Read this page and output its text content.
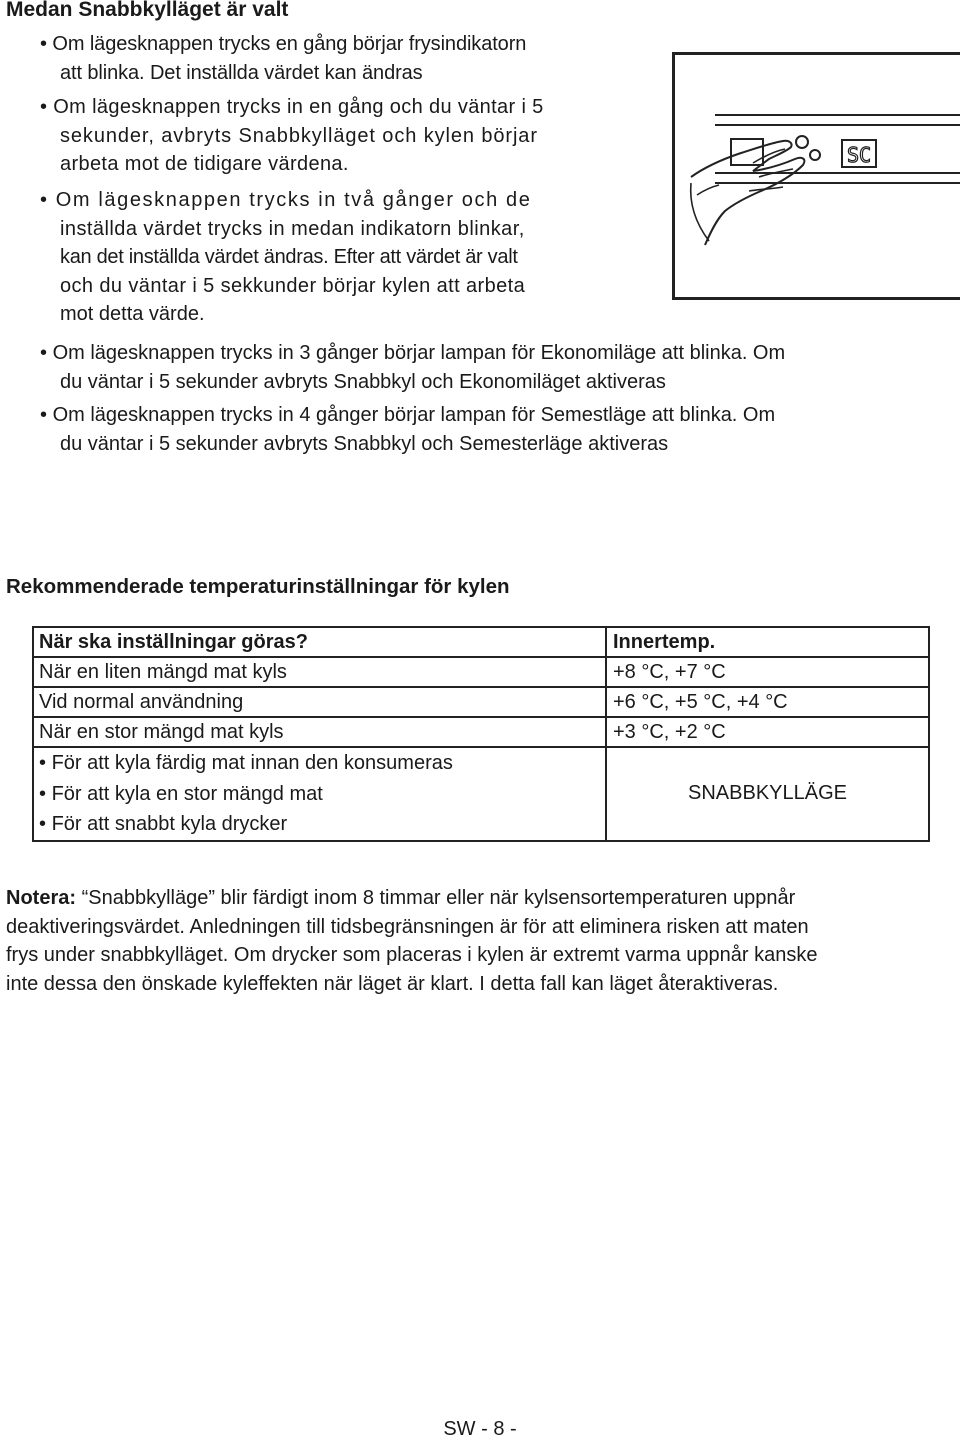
Medan Snabbkylläget är valt
• Om lägesknappen trycks en gång börjar frysindikatorn
att blinka. Det inställda värdet kan ändras
• Om lägesknappen trycks in en gång och du väntar i 5
sekunder, avbryts Snabbkylläget och kylen börjar
arbeta mot de tidigare värdena.
• Om lägesknappen trycks in två gånger och de
inställda värdet trycks in medan indikatorn blinkar,
kan det inställda värdet ändras. Efter att värdet är valt
och du väntar i 5 sekkunder börjar kylen att arbeta
mot detta värde.
SC
• Om lägesknappen trycks in 3 gånger börjar lampan för Ekonomiläge att blinka. Om
du väntar i 5 sekunder avbryts Snabbkyl och Ekonomiläget aktiveras
• Om lägesknappen trycks in 4 gånger börjar lampan för Semestläge att blinka. Om
du väntar i 5 sekunder avbryts Snabbkyl och Semesterläge aktiveras
Rekommenderade temperaturinställningar för kylen
När ska inställningar göras?	Innertemp.
När en liten mängd mat kyls	+8 °C, +7 °C
Vid normal användning	+6 °C, +5 °C, +4 °C
När en stor mängd mat kyls	+3 °C, +2 °C

• För att kyla färdig mat innan den konsumeras
• För att kyla en stor mängd mat
• För att snabbt kyla drycker	SNABBKYLLÄGE
Notera: “Snabbkylläge” blir färdigt inom 8 timmar eller när kylsensortemperaturen uppnår
deaktiveringsvärdet. Anledningen till tidsbegränsningen är för att eliminera risken att maten
frys under snabbkylläget. Om drycker som placeras i kylen är extremt varma uppnår kanske
inte dessa den önskade kyleffekten när läget är klart. I detta fall kan läget återaktiveras.
SW - 8 -
